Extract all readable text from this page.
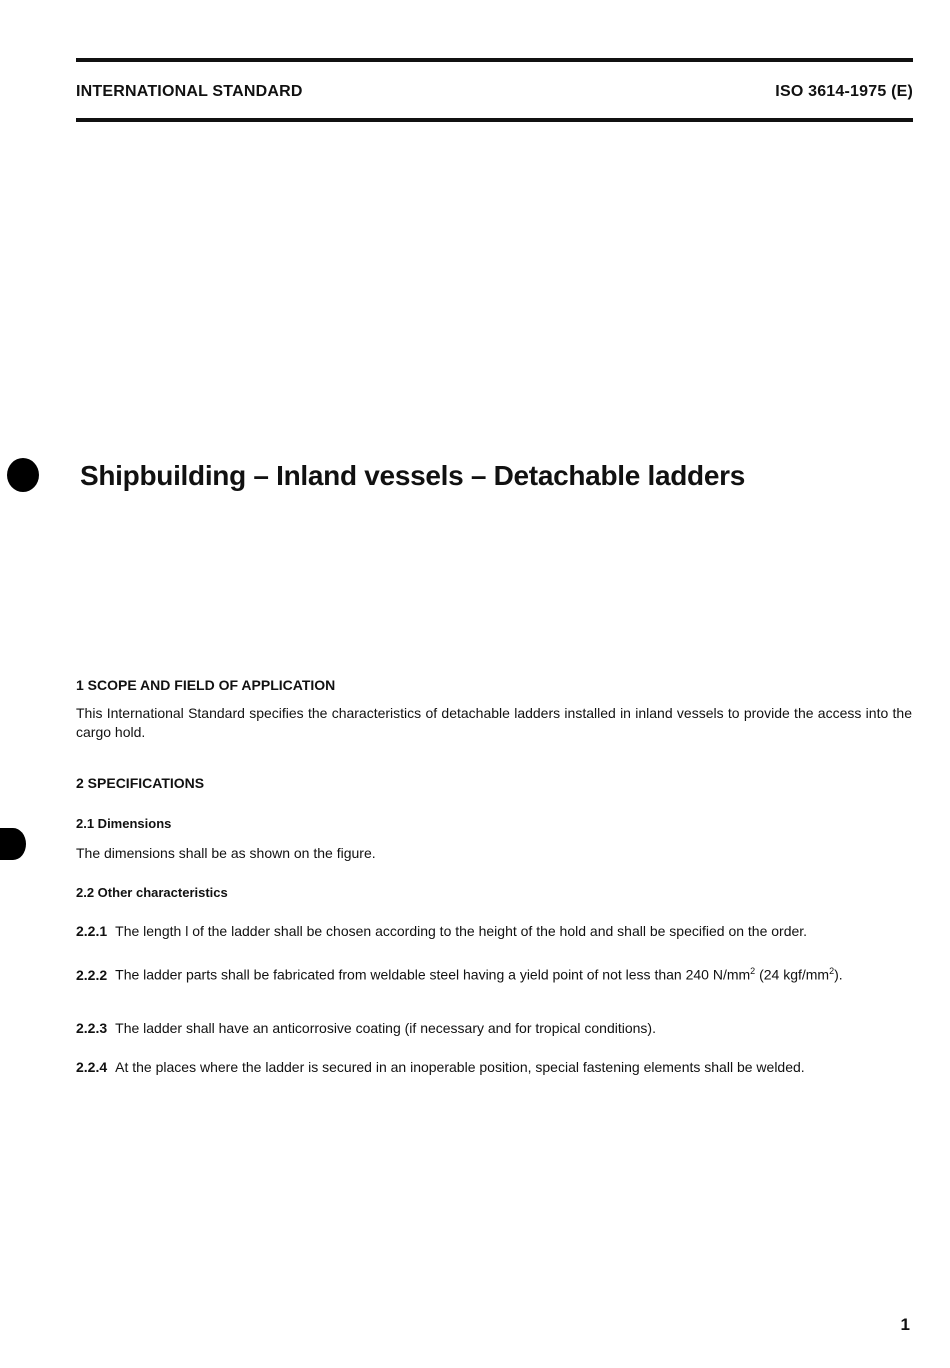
INTERNATIONAL STANDARD	ISO 3614-1975 (E)
Shipbuilding – Inland vessels – Detachable ladders
1 SCOPE AND FIELD OF APPLICATION
This International Standard specifies the characteristics of detachable ladders installed in inland vessels to provide the access into the cargo hold.
2 SPECIFICATIONS
2.1 Dimensions
The dimensions shall be as shown on the figure.
2.2 Other characteristics
2.2.1 The length l of the ladder shall be chosen according to the height of the hold and shall be specified on the order.
2.2.2 The ladder parts shall be fabricated from weldable steel having a yield point of not less than 240 $N/mm^2$ (24 kgf/$mm^2$).
2.2.3 The ladder shall have an anticorrosive coating (if necessary and for tropical conditions).
2.2.4 At the places where the ladder is secured in an inoperable position, special fastening elements shall be welded.
1
